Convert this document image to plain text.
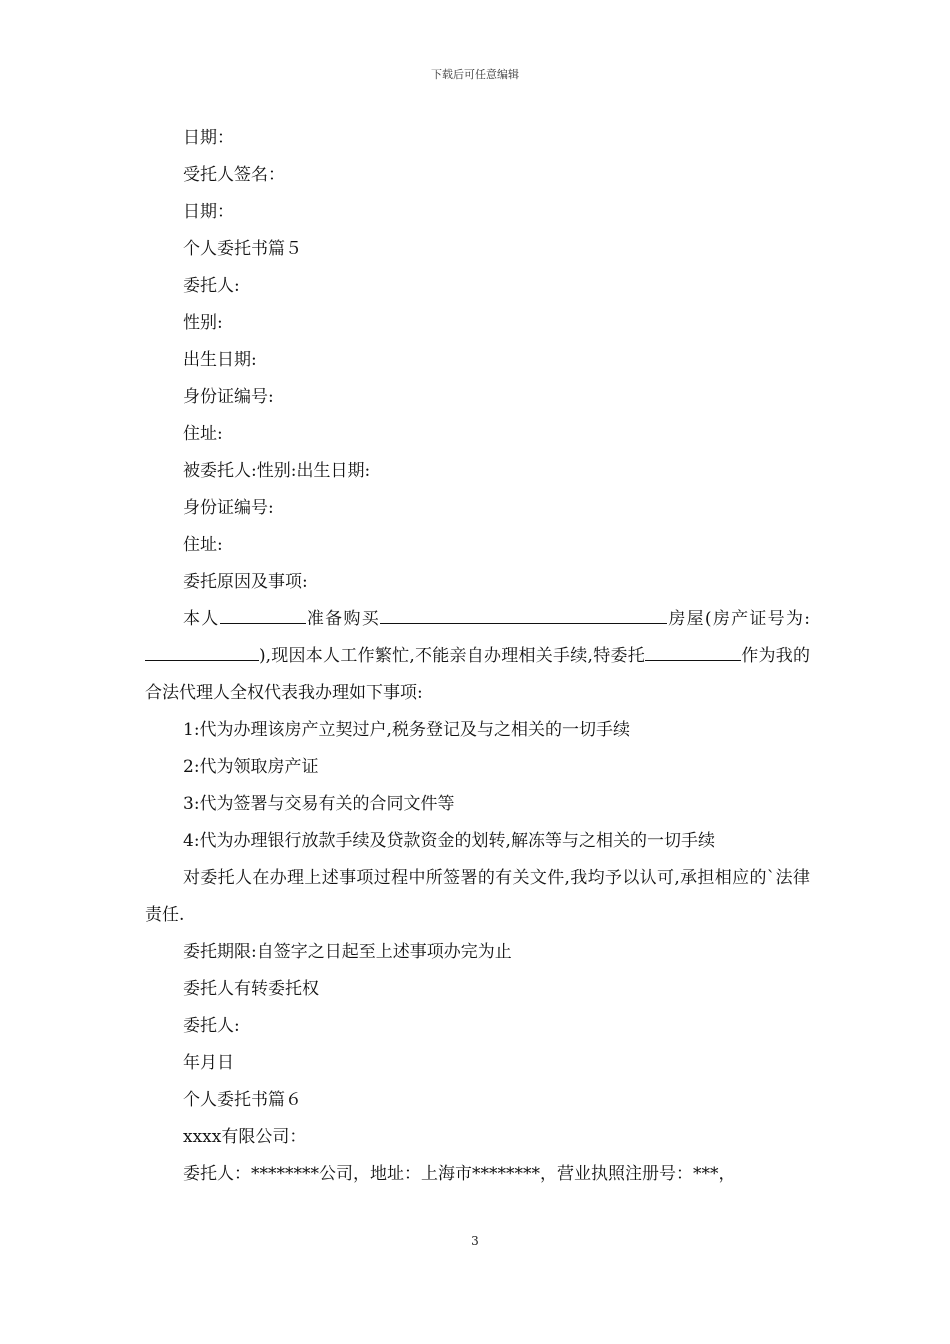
下载后可任意编辑
日期：
受托人签名：
日期：
个人委托书篇５
委托人:
性别:
出生日期:
身份证编号:
住址:
被委托人:性别:出生日期:
身份证编号:
住址:
委托原因及事项:

本人	准备购买	房屋(房产证号为:),现因本人工作繁忙,不能亲自办理相关手续,特委托	作为我的合法代理人全权代表我办理如下事项:

1:代为办理该房产立契过户,税务登记及与之相关的一切手续
2:代为领取房产证
3:代为签署与交易有关的合同文件等
4:代为办理银行放款手续及贷款资金的划转,解冻等与之相关的一切手续

对委托人在办理上述事项过程中所签署的有关文件,我均予以认可,承担相应的`法律责任.

委托期限:自签字之日起至上述事项办完为止
委托人有转委托权
委托人:
年月日
个人委托书篇６
xxxx有限公司：
委托人：********公司，地址：上海市********，营业执照注册号：***，
3
